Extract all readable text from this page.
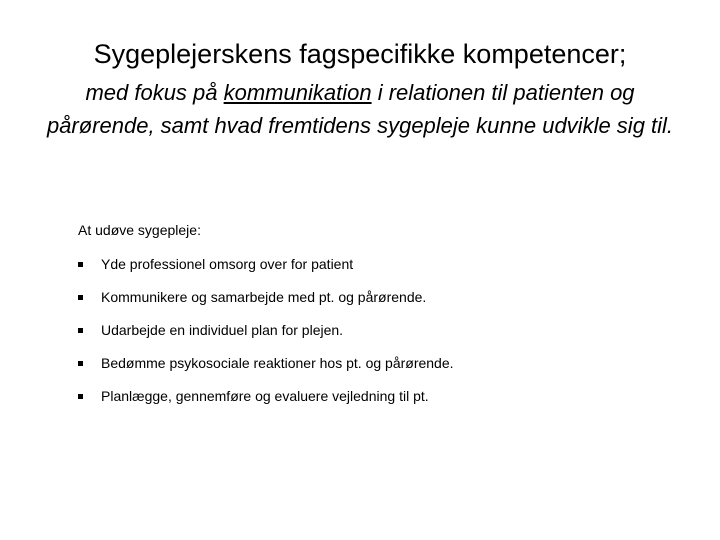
Sygeplejerskens fagspecifikke kompetencer;
med fokus på kommunikation i relationen til patienten og pårørende, samt hvad fremtidens sygepleje kunne udvikle sig til.
At udøve sygepleje:
Yde professionel omsorg over for patient
Kommunikere og samarbejde med pt. og pårørende.
Udarbejde en individuel plan for plejen.
Bedømme psykosociale reaktioner hos pt. og pårørende.
Planlægge, gennemføre og evaluere vejledning til pt.
